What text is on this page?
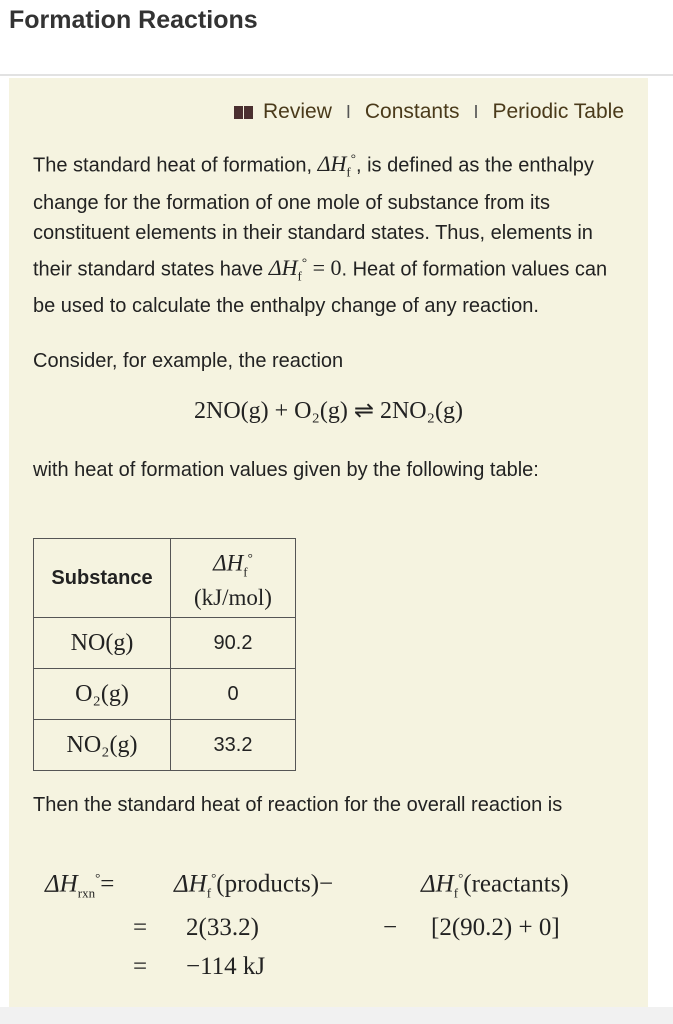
Formation Reactions
Review I Constants I Periodic Table
The standard heat of formation, $\Delta H_f^\circ$, is defined as the enthalpy change for the formation of one mole of substance from its constituent elements in their standard states. Thus, elements in their standard states have $\Delta H_f^\circ = 0$. Heat of formation values can be used to calculate the enthalpy change of any reaction.
Consider, for example, the reaction
2NO(g) + O₂(g) ⇌ 2NO₂(g)
with heat of formation values given by the following table:
Substance	$\Delta H_f^\circ$
(kJ/mol)
NO(g)	90.2
O₂(g)	0
NO₂(g)	33.2
Then the standard heat of reaction for the overall reaction is
$\Delta H_{rxn}^\circ=$ $\Delta H_f^\circ(products)-$	$\Delta H_f^\circ(reactants)$
= 2(33.2)	− [2(90.2) + 0]
= −114 kJ
